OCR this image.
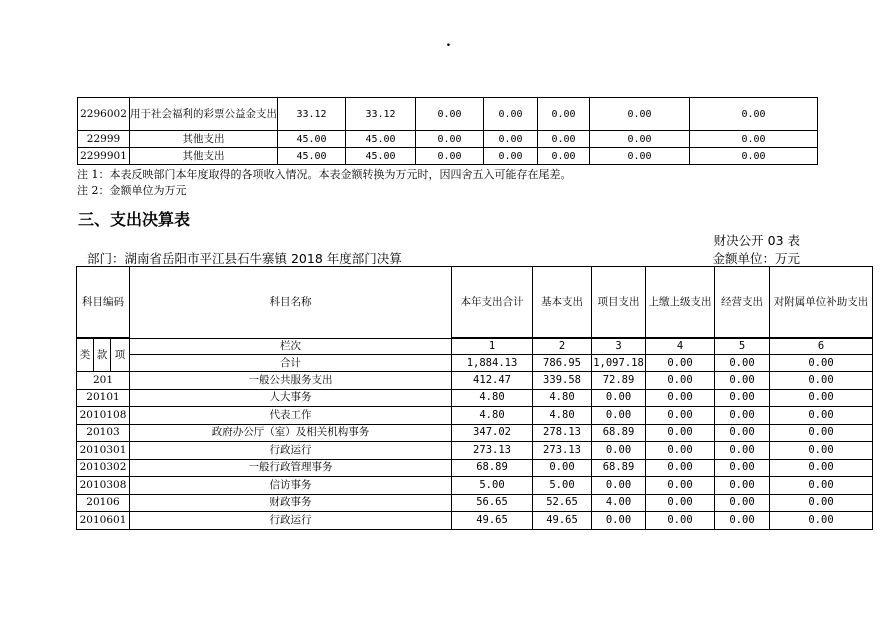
.
2296002	用于社会福利的彩票公益金支出	33.12	33.12	0.00	0.00	0.00	0.00	0.00
22999	其他支出	45.00	45.00	0.00	0.00	0.00	0.00	0.00
2299901	其他支出	45.00	45.00	0.00	0.00	0.00	0.00	0.00
注 1：本表反映部门本年度取得的各项收入情况。本表金额转换为万元时，因四舍五入可能存在尾差。
注 2：金额单位为万元
三、支出决算表
财决公开 03 表
部门：湖南省岳阳市平江县石牛寨镇 2018 年度部门决算	金额单位：万元
科目编码			科目名称	本年支出合计	基本支出	项目支出	上缴上级支出	经营支出	对附属单位补助支出

类	款	项	栏次	1	2	3	4	5	6
			合计	1,884.13	786.95	1,097.18	0.00	0.00	0.00
201			一般公共服务支出	412.47	339.58	72.89	0.00	0.00	0.00
20101			人大事务	4.80	4.80	0.00	0.00	0.00	0.00
2010108			代表工作	4.80	4.80	0.00	0.00	0.00	0.00
20103			政府办公厅（室）及相关机构事务	347.02	278.13	68.89	0.00	0.00	0.00
2010301			行政运行	273.13	273.13	0.00	0.00	0.00	0.00
2010302			一般行政管理事务	68.89	0.00	68.89	0.00	0.00	0.00
2010308			信访事务	5.00	5.00	0.00	0.00	0.00	0.00
20106			财政事务	56.65	52.65	4.00	0.00	0.00	0.00
2010601			行政运行	49.65	49.65	0.00	0.00	0.00	0.00
